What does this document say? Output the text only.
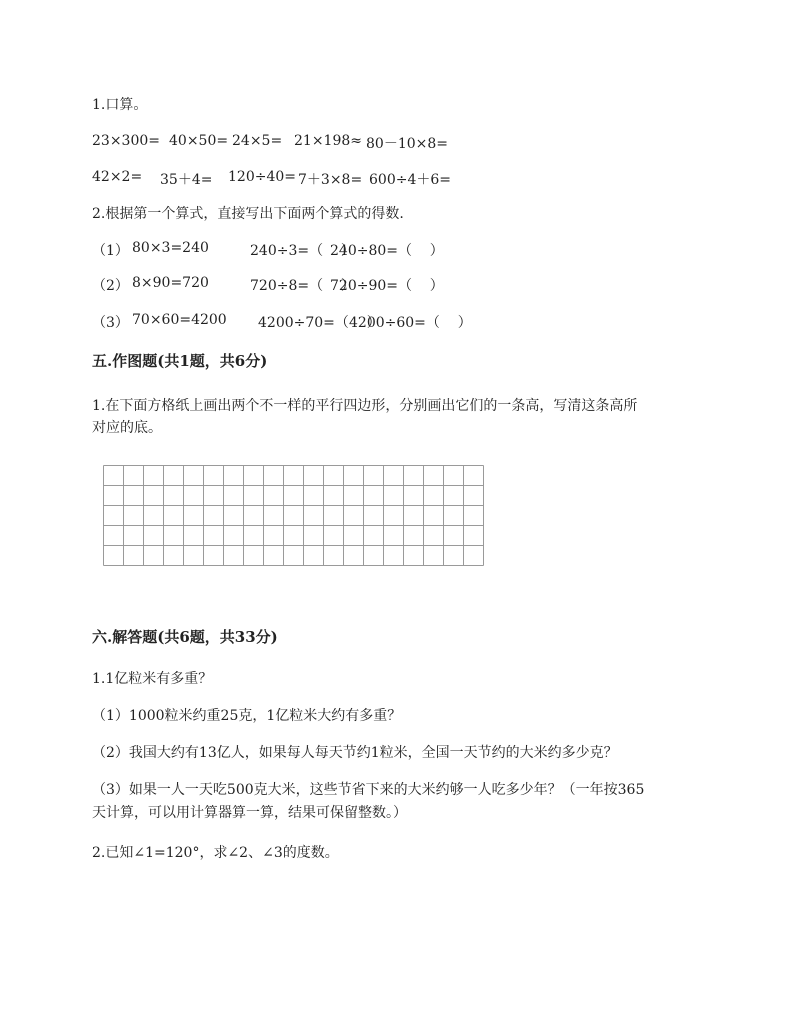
1.口算。
23×300= 40×50= 24×5= 21×198≈ 80－10×8=
42×2= 35＋4= 120÷40= 7＋3×8= 600÷4＋6=
2.根据第一个算式，直接写出下面两个算式的得数.
（1） 80×3=240	240÷3=（    ）
240÷80=（    ）
（2） 8×90=720	720÷8=（    ）
720÷90=（    ）
（3） 70×60=4200 4200÷70=（    ）
4200÷60=（    ）
五.作图题(共1题，共6分)
1.在下面方格纸上画出两个不一样的平行四边形，分别画出它们的一条高，写清这条高所
对应的底。
六.解答题(共6题，共33分)
1.1亿粒米有多重？
（1）1000粒米约重25克，1亿粒米大约有多重？
（2）我国大约有13亿人，如果每人每天节约1粒米，全国一天节约的大米约多少克？
（3）如果一人一天吃500克大米，这些节省下来的大米约够一人吃多少年？（一年按365
天计算，可以用计算器算一算，结果可保留整数。）
2.已知∠1=120°，求∠2、∠3的度数。
